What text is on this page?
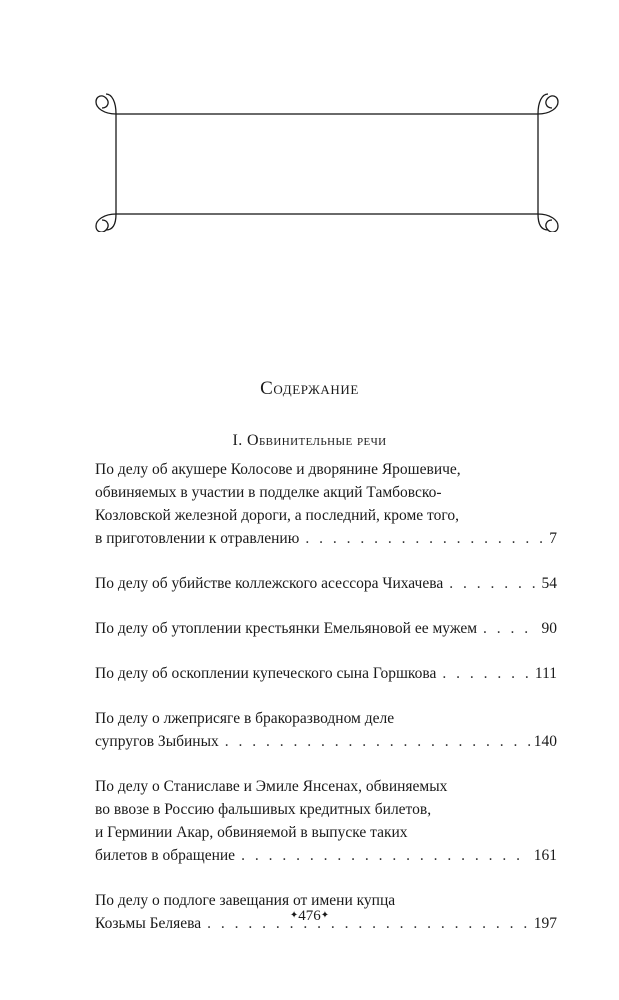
Содержание
I. Обвинительные речи
По делу об акушере Колосове и дворянине Ярошевиче,
обвиняемых в участии в подделке акций Тамбовско-
Козловской железной дороги, а последний, кроме того,
в приготовлении к отравлению . . .	7
По делу об убийстве коллежского асессора Чихачева . . .	54
По делу об утоплении крестьянки Емельяновой ее мужем . . .	90
По делу об оскоплении купеческого сына Горшкова . . .	111
По делу о лжеприсяге в бракоразводном деле
супругов Зыбиных . . .	140
По делу о Станиславе и Эмиле Янсенах, обвиняемых
во ввозе в Россию фальшивых кредитных билетов,
и Герминии Акар, обвиняемой в выпуске таких
билетов в обращение . . .	161
По делу о подлоге завещания от имени купца
Козьмы Беляева . . .	197
✦476✦
